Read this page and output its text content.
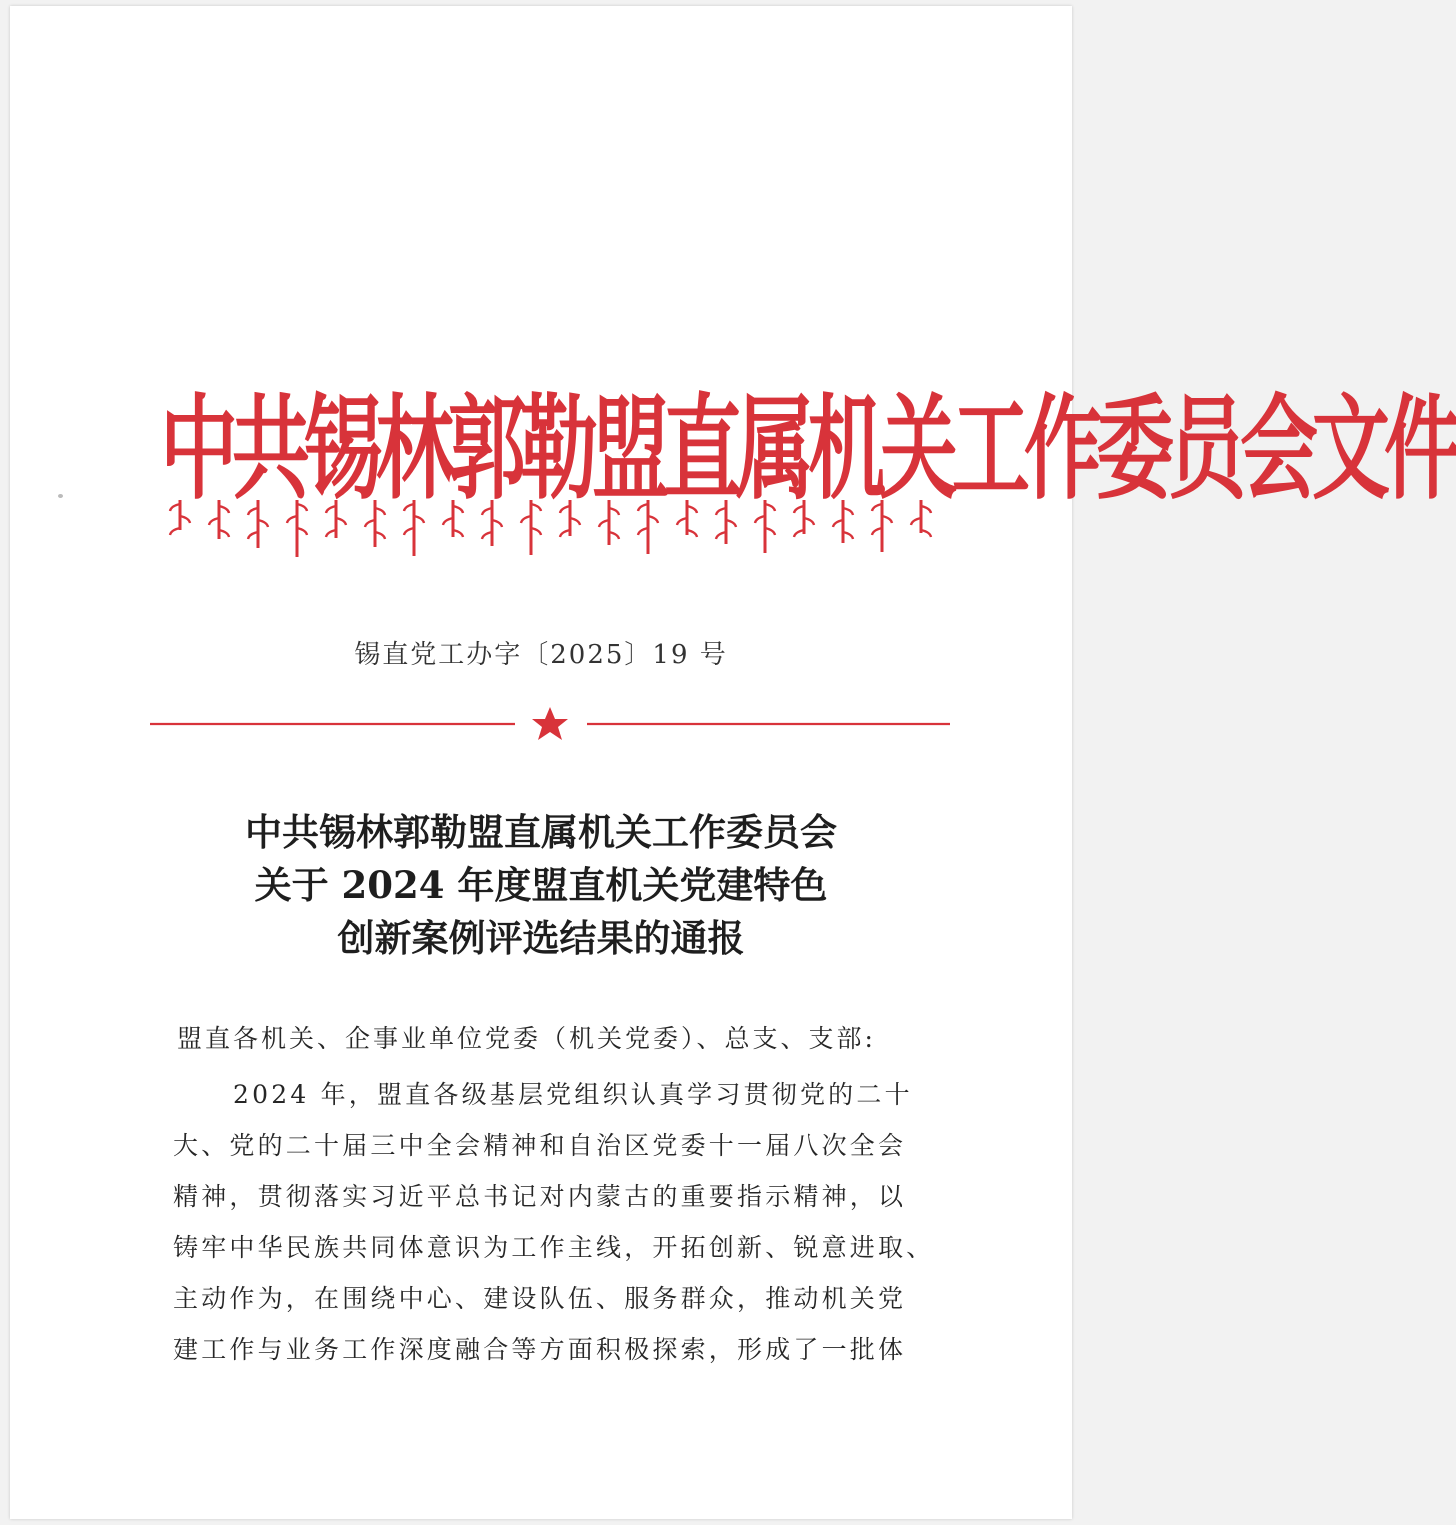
中共锡林郭勒盟直属机关工作委员会文件
锡直党工办字〔2025〕19 号
中共锡林郭勒盟直属机关工作委员会
关于 2024 年度盟直机关党建特色
创新案例评选结果的通报
盟直各机关、企事业单位党委（机关党委）、总支、支部:
2024 年，盟直各级基层党组织认真学习贯彻党的二十
大、党的二十届三中全会精神和自治区党委十一届八次全会
精神，贯彻落实习近平总书记对内蒙古的重要指示精神，以
铸牢中华民族共同体意识为工作主线，开拓创新、锐意进取、
主动作为，在围绕中心、建设队伍、服务群众，推动机关党
建工作与业务工作深度融合等方面积极探索，形成了一批体
